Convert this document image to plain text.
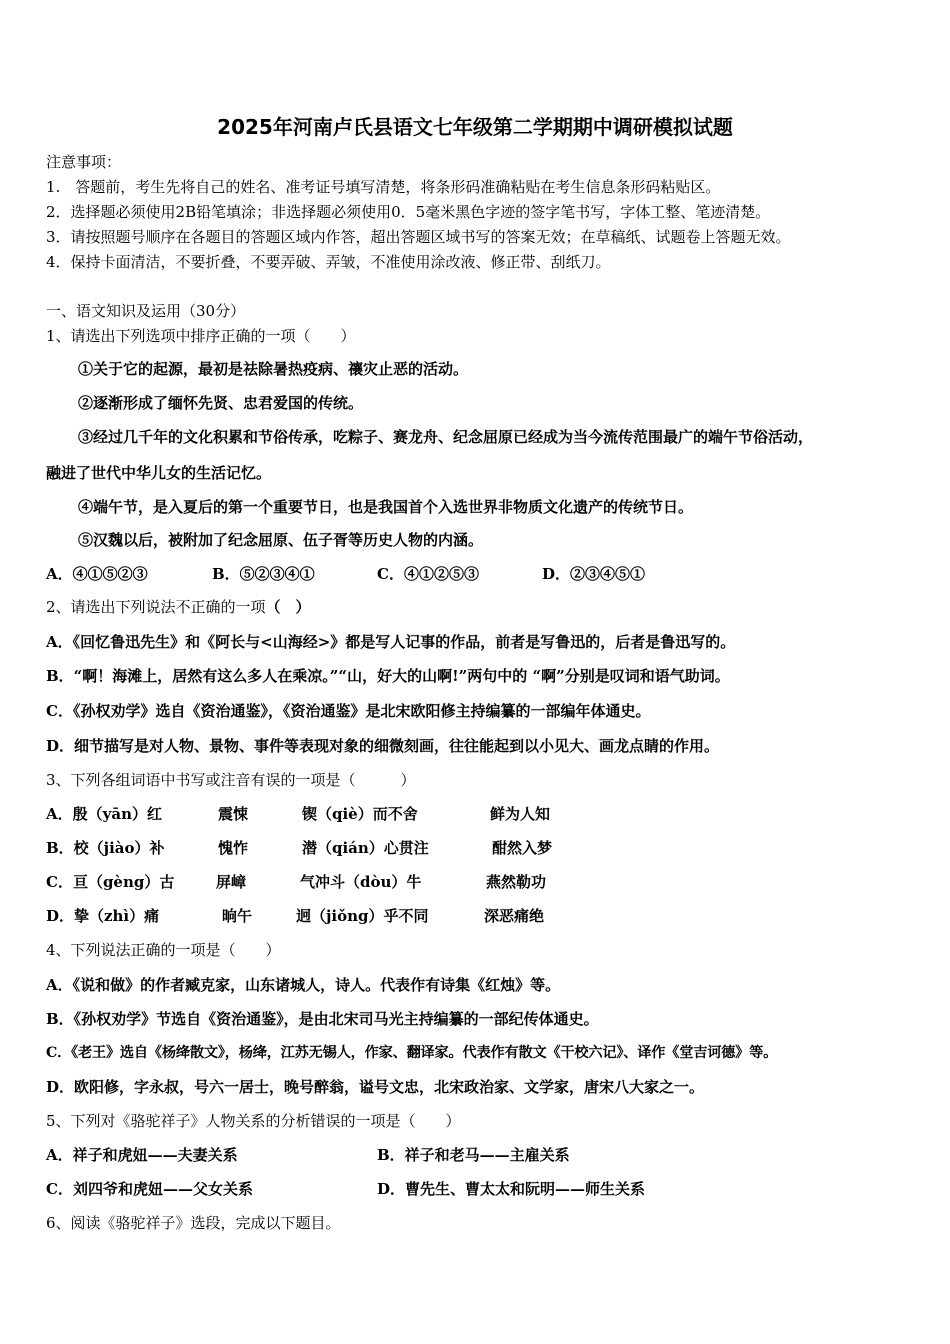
2025年河南卢氏县语文七年级第二学期期中调研模拟试题
注意事项：
1.　答题前，考生先将自己的姓名、准考证号填写清楚，将条形码准确粘贴在考生信息条形码粘贴区。
2．选择题必须使用2B铅笔填涂；非选择题必须使用0．5毫米黑色字迹的签字笔书写，字体工整、笔迹清楚。
3．请按照题号顺序在各题目的答题区域内作答，超出答题区域书写的答案无效；在草稿纸、试题卷上答题无效。
4．保持卡面清洁，不要折叠，不要弄破、弄皱，不准使用涂改液、修正带、刮纸刀。
一、语文知识及运用（30分）
1、请选出下列选项中排序正确的一项（　　）
①关于它的起源，最初是祛除暑热疫病、禳灾止恶的活动。
②逐渐形成了缅怀先贤、忠君爱国的传统。
③经过几千年的文化积累和节俗传承，吃粽子、赛龙舟、纪念屈原已经成为当今流传范围最广的端午节俗活动，
融进了世代中华儿女的生活记忆。
④端午节，是入夏后的第一个重要节日，也是我国首个入选世界非物质文化遗产的传统节日。
⑤汉魏以后，被附加了纪念屈原、伍子胥等历史人物的内涵。
A．④①⑤②③	B．⑤②③④①	C．④①②⑤③	D．②③④⑤①
2、请选出下列说法不正确的一项（　）
A．《回忆鲁迅先生》和《阿长与<山海经>》都是写人记事的作品，前者是写鲁迅的，后者是鲁迅写的。
B．“啊！海滩上，居然有这么多人在乘凉。”“山，好大的山啊!”两句中的 “啊”分别是叹词和语气助词。
C．《孙权劝学》选自《资治通鉴》，《资治通鉴》是北宋欧阳修主持编纂的一部编年体通史。
D．细节描写是对人物、景物、事件等表现对象的细微刻画，往往能起到以小见大、画龙点睛的作用。
3、下列各组词语中书写或注音有误的一项是（　　　）
A．殷（yān）红	震悚	锲（qiè）而不舍	鲜为人知
B．校（jiào）补	愧怍	潜（qián）心贯注	酣然入梦
C．亘（gèng）古	屏嶂	气冲斗（dòu）牛	燕然勒功
D．挚（zhì）痛	晌午	迥（jiǒng）乎不同	深恶痛绝
4、下列说法正确的一项是（　　）
A．《说和做》的作者臧克家，山东诸城人，诗人。代表作有诗集《红烛》等。
B．《孙权劝学》节选自《资治通鉴》，是由北宋司马光主持编纂的一部纪传体通史。
C．《老王》选自《杨绛散文》，杨绛，江苏无锡人，作家、翻译家。代表作有散文《干校六记》、译作《堂吉诃德》等。
D．欧阳修，字永叔，号六一居士，晚号醉翁，谥号文忠，北宋政治家、文学家，唐宋八大家之一。
5、下列对《骆驼祥子》人物关系的分析错误的一项是（　　）
A．祥子和虎妞——夫妻关系	B．祥子和老马——主雇关系
C．刘四爷和虎妞——父女关系	D．曹先生、曹太太和阮明——师生关系
6、阅读《骆驼祥子》选段，完成以下题目。
